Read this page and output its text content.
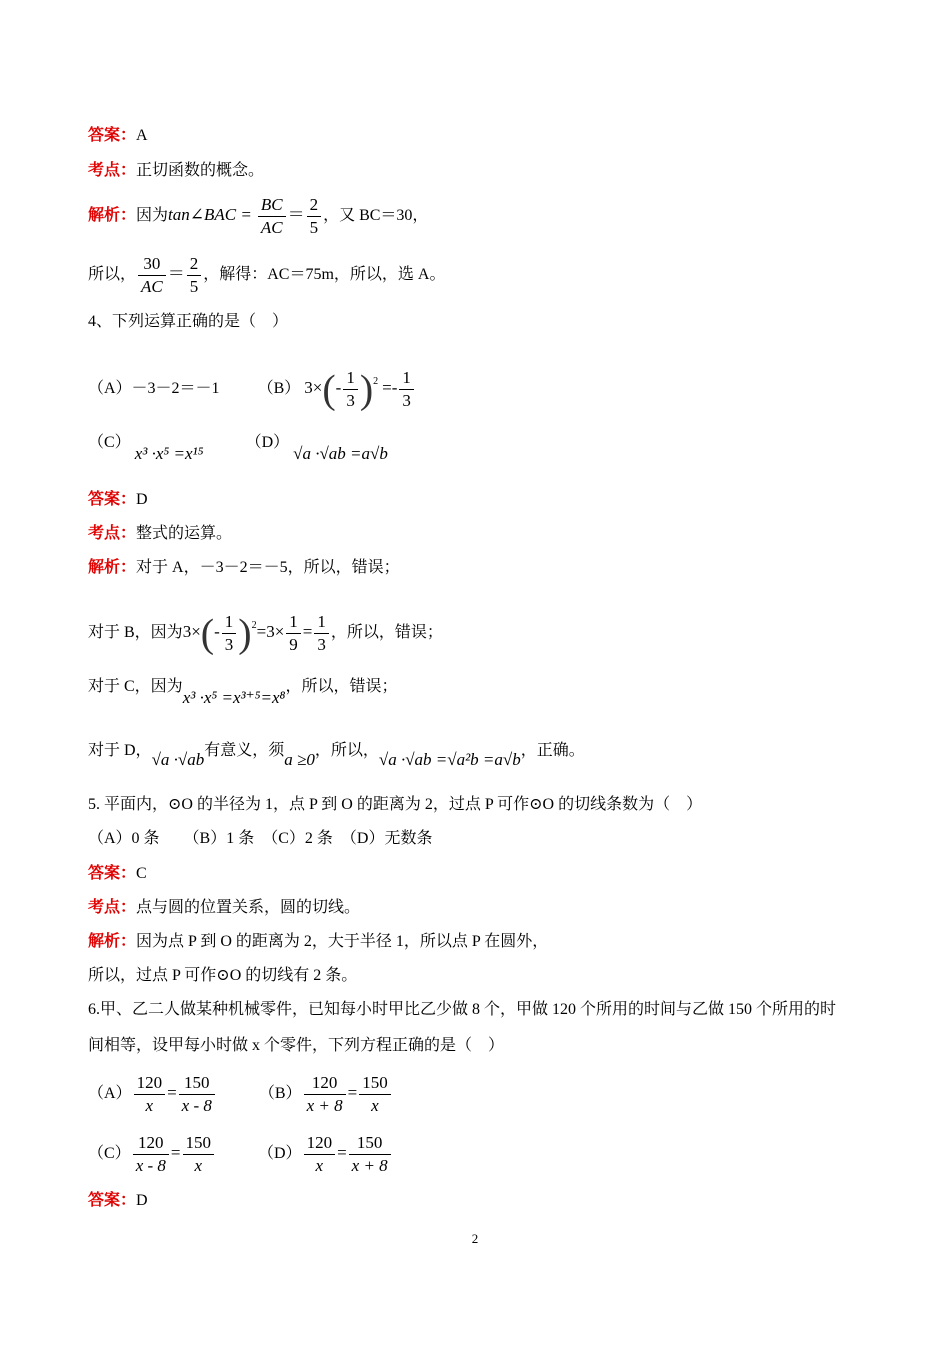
答案：A
考点：正切函数的概念。
解析：因为tan∠BAC = $\frac{BC}{AC} = \frac{2}{5}$ ，又 BC＝30，
所以， $\frac{30}{AC} = \frac{2}{5}$ ，解得：AC＝75m，所以，选 A。
4、下列运算正确的是（　）
（A）－3－2＝－1 （B） $3\times(- \frac{1}{3} )^2 =- \frac{1}{3}$
（C） x³ ·x⁵ =x¹⁵  （D） √a ·√ab =a√b
答案：D
考点：整式的运算。
解析：对于 A，－3－2＝－5，所以，错误；
对于 B，因为$3\times(- \frac{1}{3} )^2=3\times \frac{1}{9} = \frac{1}{3}$ ，所以，错误；
对于 C，因为x³ ·x⁵ =x³⁺⁵=x⁸，所以，错误；
对于 D，√a ·√ab有意义，须a ≥0，所以，√a ·√ab =√a²b =a√b，正确。
5. 平面内，⊙O 的半径为 1，点 P 到 O 的距离为 2，过点 P 可作⊙O 的切线条数为（　）
（A）0 条　　（B）1 条　（C）2 条　（D）无数条
答案：C
考点：点与圆的位置关系，圆的切线。
解析：因为点 P 到 O 的距离为 2，大于半径 1，所以点 P 在圆外，
所以，过点 P 可作⊙O 的切线有 2 条。
6.甲、乙二人做某种机械零件，已知每小时甲比乙少做 8 个，甲做 120 个所用的时间与乙做 150 个所用的时
间相等，设甲每小时做 x 个零件，下列方程正确的是（　）
$(A) \frac{120}{x} = \frac{150}{x - 8}$	$(B) \frac{120}{x + 8} = \frac{150}{x}$
$(C) \frac{120}{x - 8} = \frac{150}{x}$	$(D) \frac{120}{x} = \frac{150}{x + 8}$
答案：D
2
